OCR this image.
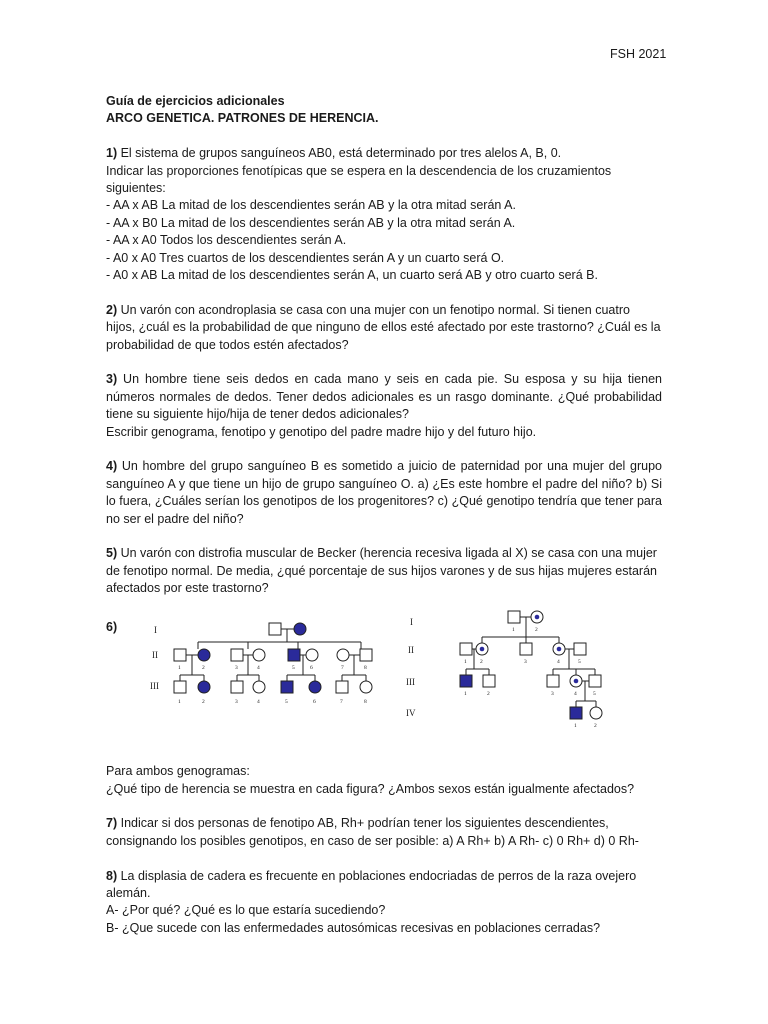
FSH 2021
Guía de ejercicios adicionales
ARCO GENETICA. PATRONES DE HERENCIA.
1) El sistema de grupos sanguíneos AB0, está determinado por tres alelos A, B, 0.
Indicar las proporciones fenotípicas que se espera en la descendencia de los cruzamientos siguientes:
- AA x AB La mitad de los descendientes serán AB y la otra mitad serán A.
- AA x B0 La mitad de los descendientes serán AB y la otra mitad serán A.
- AA x A0 Todos los descendientes serán A.
- A0 x A0 Tres cuartos de los descendientes serán A y un cuarto será O.
- A0 x AB La mitad de los descendientes serán A, un cuarto será AB y otro cuarto será B.
2) Un varón con acondroplasia se casa con una mujer con un fenotipo normal. Si tienen cuatro hijos, ¿cuál es la probabilidad de que ninguno de ellos esté afectado por este trastorno? ¿Cuál es la probabilidad de que todos estén afectados?
3) Un hombre tiene seis dedos en cada mano y seis en cada pie. Su esposa y su hija tienen números normales de dedos. Tener dedos adicionales es un rasgo dominante. ¿Qué probabilidad tiene su siguiente hijo/hija de tener dedos adicionales?
Escribir genograma, fenotipo y genotipo del padre madre hijo y del futuro hijo.
4) Un hombre del grupo sanguíneo B es sometido a juicio de paternidad por una mujer del grupo sanguíneo A y que tiene un hijo de grupo sanguíneo O. a) ¿Es este hombre el padre del niño? b) Si lo fuera, ¿Cuáles serían los genotipos de los progenitores? c) ¿Qué genotipo tendría que tener para no ser el padre del niño?
5) Un varón con distrofia muscular de Becker (herencia recesiva ligada al X) se casa con una mujer de fenotipo normal. De media, ¿qué porcentaje de sus hijos varones y de sus hijas mujeres estarán afectados por este trastorno?
6)	I
II
III
1	2	3	4	5	6	7	8
1	2	3	4	5	6	7	8
I
II
III
IV
1	2
1 2	3	4	5
1	2	3	4	5
1	2
Para ambos genogramas:
¿Qué tipo de herencia se muestra en cada figura? ¿Ambos sexos están igualmente afectados?
7) Indicar si dos personas de fenotipo AB, Rh+ podrían tener los siguientes descendientes, consignando los posibles genotipos, en caso de ser posible: a) A Rh+ b) A Rh- c) 0 Rh+ d) 0 Rh-
8) La displasia de cadera es frecuente en poblaciones endocriadas de perros de la raza ovejero alemán.
A- ¿Por qué? ¿Qué es lo que estaría sucediendo?
B- ¿Que sucede con las enfermedades autosómicas recesivas en poblaciones cerradas?
